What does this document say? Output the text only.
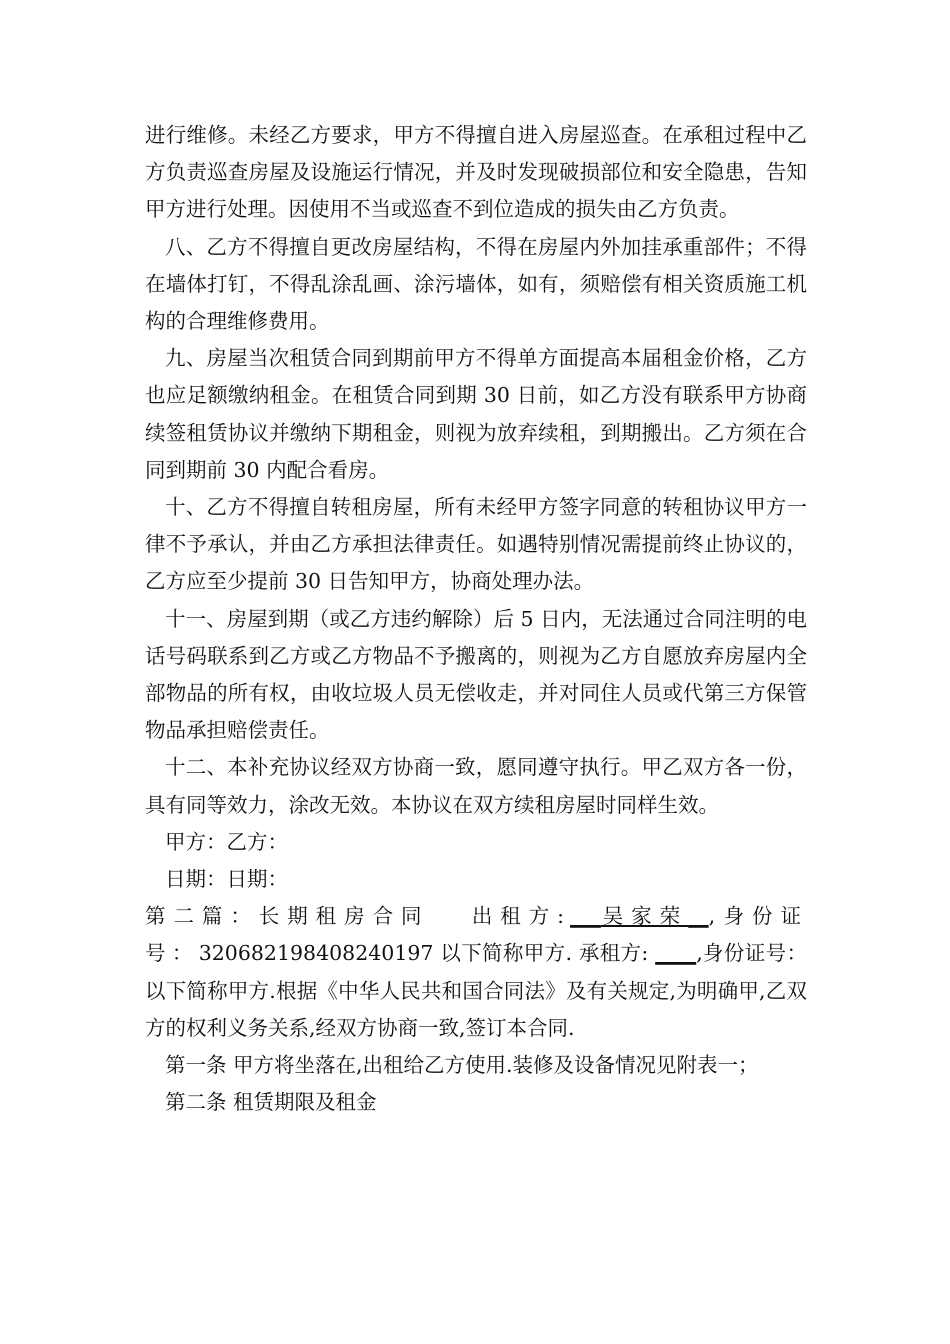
进行维修。未经乙方要求，甲方不得擅自进入房屋巡查。在承租过程中乙方负责巡查房屋及设施运行情况，并及时发现破损部位和安全隐患，告知甲方进行处理。因使用不当或巡查不到位造成的损失由乙方负责。

八、乙方不得擅自更改房屋结构，不得在房屋内外加挂承重部件；不得在墙体打钉，不得乱涂乱画、涂污墙体，如有，须赔偿有相关资质施工机构的合理维修费用。

九、房屋当次租赁合同到期前甲方不得单方面提高本届租金价格，乙方也应足额缴纳租金。在租赁合同到期 30 日前，如乙方没有联系甲方协商续签租赁协议并缴纳下期租金，则视为放弃续租，到期搬出。乙方须在合同到期前 30 内配合看房。

十、乙方不得擅自转租房屋，所有未经甲方签字同意的转租协议甲方一律不予承认，并由乙方承担法律责任。如遇特别情况需提前终止协议的，乙方应至少提前 30 日告知甲方，协商处理办法。

十一、房屋到期（或乙方违约解除）后 5 日内，无法通过合同注明的电话号码联系到乙方或乙方物品不予搬离的，则视为乙方自愿放弃房屋内全部物品的所有权，由收垃圾人员无偿收走，并对同住人员或代第三方保管物品承担赔偿责任。

十二、本补充协议经双方协商一致，愿同遵守执行。甲乙双方各一份，具有同等效力，涂改无效。本协议在双方续租房屋时同样生效。

甲方：乙方：

日期：日期：

第二篇：长期租房合同 出租方:___吴家荣__, 身份证号：320682198408240197 以下简称甲方. 承租方: ____,身份证号：以下简称甲方.根据《中华人民共和国合同法》及有关规定,为明确甲,乙双方的权利义务关系,经双方协商一致,签订本合同.

第一条 甲方将坐落在,出租给乙方使用.装修及设备情况见附表一；

第二条 租赁期限及租金
